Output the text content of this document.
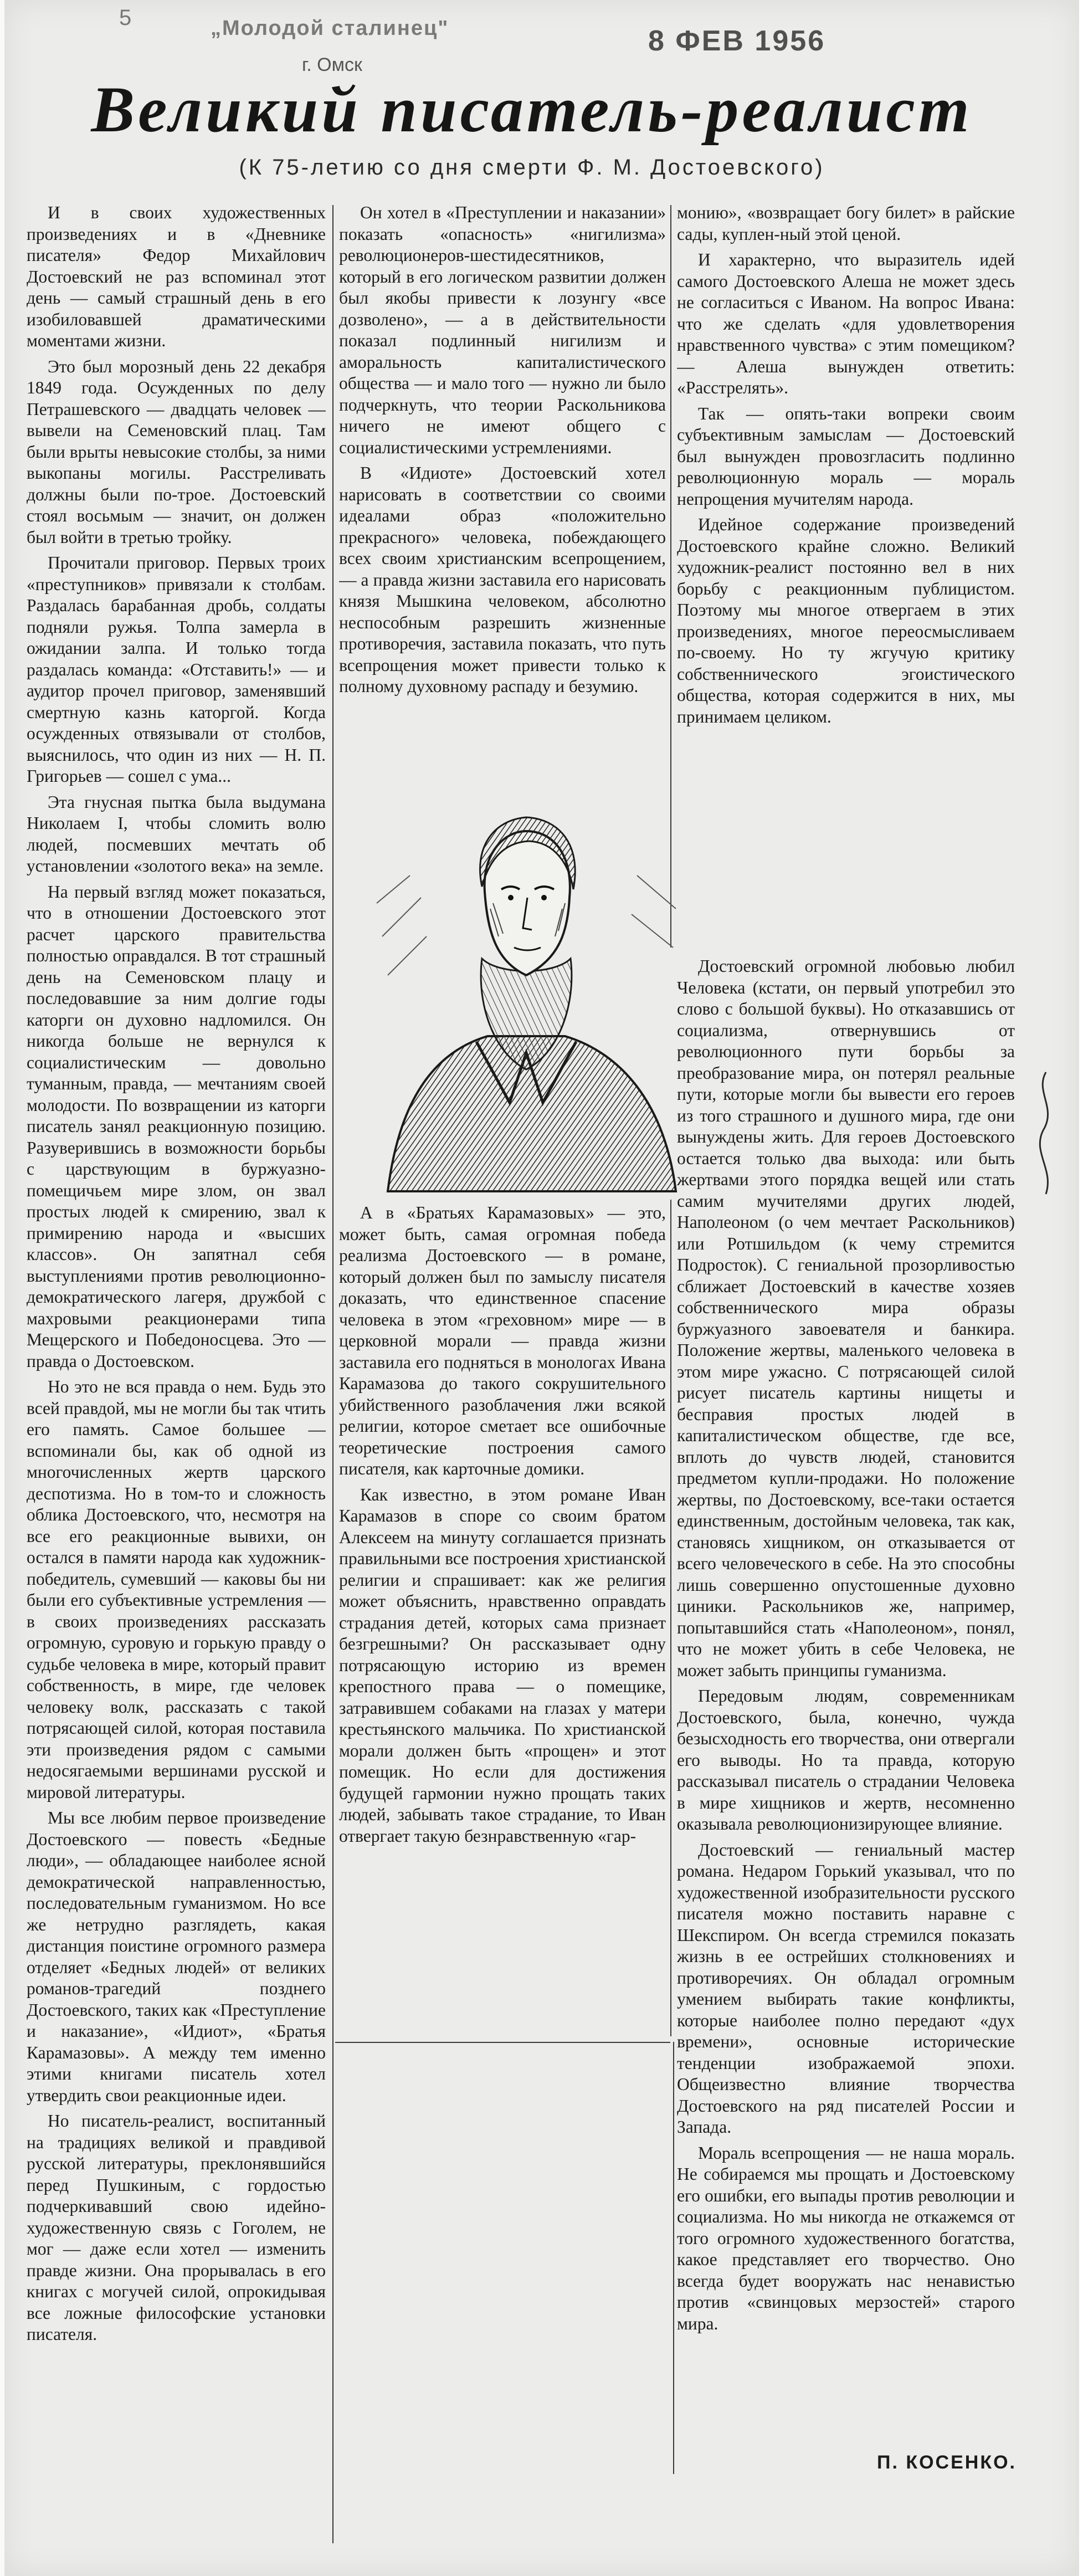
5	„Молодой сталинец"	8 ФЕВ 1956
г. Омск
Великий писатель-реалист
(К 75-летию со дня смерти Ф. М. Достоевского)

И в своих художественных произведениях и в «Дневнике писателя» Федор Михайлович Достоевский не раз вспоминал этот день — самый страшный день в его изобиловавшей драматическими моментами жизни.

Это был морозный день 22 декабря 1849 года. Осужденных по делу Петрашевского — двадцать человек — вывели на Семеновский плац. Там были врыты невысокие столбы, за ними выкопаны могилы. Расстреливать должны были по-трое. Достоевский стоял восьмым — значит, он должен был войти в третью тройку.

Прочитали приговор. Первых троих «преступников» привязали к столбам. Раздалась барабанная дробь, солдаты подняли ружья. Толпа замерла в ожидании залпа. И только тогда раздалась команда: «Отставить!» — и аудитор прочел приговор, заменявший смертную казнь каторгой. Когда осужденных отвязывали от столбов, выяснилось, что один из них — Н. П. Григорьев — сошел с ума...

Эта гнусная пытка была выдумана Николаем I, чтобы сломить волю людей, посмевших мечтать об установлении «золотого века» на земле.

На первый взгляд может показаться, что в отношении Достоевского этот расчет царского правительства полностью оправдался. В тот страшный день на Семеновском плацу и последовавшие за ним долгие годы каторги он духовно надломился. Он никогда больше не вернулся к социалистическим — довольно туманным, правда, — мечтаниям своей молодости. По возвращении из каторги писатель занял реакционную позицию. Разуверившись в возможности борьбы с царствующим в буржуазно-помещичьем мире злом, он звал простых людей к смирению, звал к примирению народа и «высших классов». Он запятнал себя выступлениями против революционно-демократического лагеря, дружбой с махровыми реакционерами типа Мещерского и Победоносцева. Это — правда о Достоевском.

Но это не вся правда о нем. Будь это всей правдой, мы не могли бы так чтить его память. Самое большее — вспоминали бы, как об одной из многочисленных жертв царского деспотизма. Но в том-то и сложность облика Достоевского, что, несмотря на все его реакционные вывихи, он остался в памяти народа как художник-победитель, сумевший — каковы бы ни были его субъективные устремления — в своих произведениях рассказать огромную, суровую и горькую правду о судьбе человека в мире, который правит собственность, в мире, где человек человеку волк, рассказать с такой потрясающей силой, которая поставила эти произведения рядом с самыми недосягаемыми вершинами русской и мировой литературы.

Мы все любим первое произведение Достоевского — повесть «Бедные люди», — обладающее наиболее ясной демократической направленностью, последовательным гуманизмом. Но все же нетрудно разглядеть, какая дистанция поистине огромного размера отделяет «Бедных людей» от великих романов-трагедий позднего Достоевского, таких как «Преступление и наказание», «Идиот», «Братья Карамазовы». А между тем именно этими книгами писатель хотел утвердить свои реакционные идеи.

Но писатель-реалист, воспитанный на традициях великой и правдивой русской литературы, преклонявшийся перед Пушкиным, с гордостью подчеркивавший свою идейно-художественную связь с Гоголем, не мог — даже если хотел — изменить правде жизни. Она прорывалась в его книгах с могучей силой, опрокидывая все ложные философские установки писателя.

Он хотел в «Преступлении и наказании» показать «опасность» «нигилизма» революционеров-шестидесятников, который в его логическом развитии должен был якобы привести к лозунгу «все дозволено», — а в действительности показал подлинный нигилизм и аморальность капиталистического общества — и мало того — нужно ли было подчеркнуть, что теории Раскольникова ничего не имеют общего с социалистическими устремлениями.

В «Идиоте» Достоевский хотел нарисовать в соответствии со своими идеалами образ «положительно прекрасного» человека, побеждающего всех своим христианским всепрощением, — а правда жизни заставила его нарисовать князя Мышкина человеком, абсолютно неспособным разрешить жизненные противоречия, заставила показать, что путь всепрощения может привести только к полному духовному распаду и безумию.

монию», «возвращает богу билет» в райские сады, куплен-ный этой ценой.

И характерно, что выразитель идей самого Достоевского Алеша не может здесь не согласиться с Иваном. На вопрос Ивана: что же сделать «для удовлетворения нравственного чувства» с этим помещиком? — Алеша вынужден ответить: «Расстрелять».

Так — опять-таки вопреки своим субъективным замыслам — Достоевский был вынужден провозгласить подлинно революционную мораль — мораль непрощения мучителям народа.

Идейное содержание произведений Достоевского крайне сложно. Великий художник-реалист постоянно вел в них борьбу с реакционным публицистом. Поэтому мы многое отвергаем в этих произведениях, многое переосмысливаем по-своему. Но ту жгучую критику собственнического эгоистического общества, которая содержится в них, мы принимаем целиком.

А в «Братьях Карамазовых» — это, может быть, самая огромная победа реализма Достоевского — в романе, который должен был по замыслу писателя доказать, что единственное спасение человека в этом «греховном» мире — в церковной морали — правда жизни заставила его подняться в монологах Ивана Карамазова до такого сокрушительного убийственного разоблачения лжи всякой религии, которое сметает все ошибочные теоретические построения самого писателя, как карточные домики.

Как известно, в этом романе Иван Карамазов в споре со своим братом Алексеем на минуту соглашается признать правильными все построения христианской религии и спрашивает: как же религия может объяснить, нравственно оправдать страдания детей, которых сама признает безгрешными? Он рассказывает одну потрясающую историю из времен крепостного права — о помещике, затравившем собаками на глазах у матери крестьянского мальчика. По христианской морали должен быть «прощен» и этот помещик. Но если для достижения будущей гармонии нужно прощать таких людей, забывать такое страдание, то Иван отвергает такую безнравственную «гар-

Достоевский огромной любовью любил Человека (кстати, он первый употребил это слово с большой буквы). Но отказавшись от социализма, отвернувшись от революционного пути борьбы за преобразование мира, он потерял реальные пути, которые могли бы вывести его героев из того страшного и душного мира, где они вынуждены жить. Для героев Достоевского остается только два выхода: или быть жертвами этого порядка вещей или стать самим мучителями других людей, Наполеоном (о чем мечтает Раскольников) или Ротшильдом (к чему стремится Подросток). С гениальной прозорливостью сближает Достоевский в качестве хозяев собственнического мира образы буржуазного завоевателя и банкира. Положение жертвы, маленького человека в этом мире ужасно. С потрясающей силой рисует писатель картины нищеты и бесправия простых людей в капиталистическом обществе, где все, вплоть до чувств людей, становится предметом купли-продажи. Но положение жертвы, по Достоевскому, все-таки остается единственным, достойным человека, так как, становясь хищником, он отказывается от всего человеческого в себе. На это способны лишь совершенно опустошенные духовно циники. Раскольников же, например, попытавшийся стать «Наполеоном», понял, что не может убить в себе Человека, не может забыть принципы гуманизма.

Передовым людям, современникам Достоевского, была, конечно, чужда безысходность его творчества, они отвергали его выводы. Но та правда, которую рассказывал писатель о страдании Человека в мире хищников и жертв, несомненно оказывала революционизирующее влияние.

Достоевский — гениальный мастер романа. Недаром Горький указывал, что по художественной изобразительности русского писателя можно поставить наравне с Шекспиром. Он всегда стремился показать жизнь в ее острейших столкновениях и противоречиях. Он обладал огромным умением выбирать такие конфликты, которые наиболее полно передают «дух времени», основные исторические тенденции изображаемой эпохи. Общеизвестно влияние творчества Достоевского на ряд писателей России и Запада.

Мораль всепрощения — не наша мораль. Не собираемся мы прощать и Достоевскому его ошибки, его выпады против революции и социализма. Но мы никогда не откажемся от того огромного художественного богатства, какое представляет его творчество. Оно всегда будет вооружать нас ненавистью против «свинцовых мерзостей» старого мира.

П. КОСЕНКО.
